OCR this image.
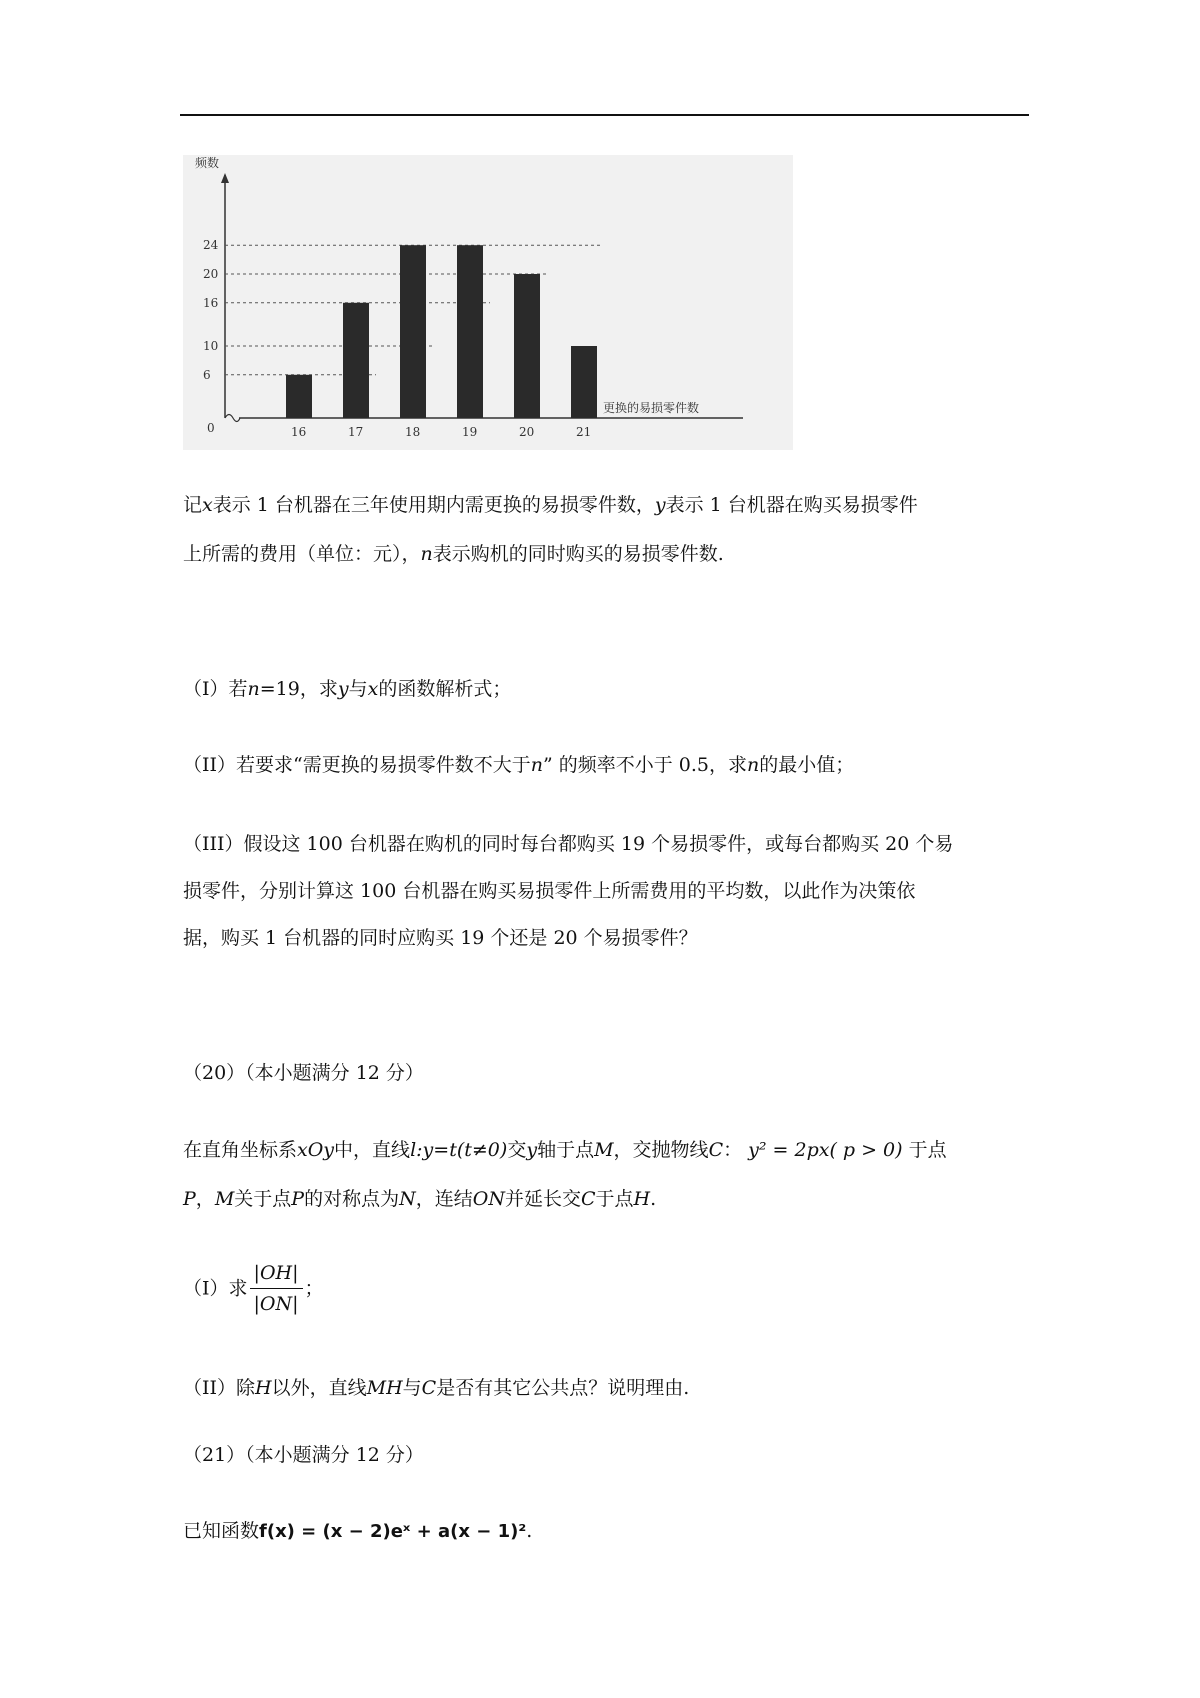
频数
0
6
10
16
20
24
16	17	18	19	20	21
更换的易损零件数
记x表示 1 台机器在三年使用期内需更换的易损零件数，y表示 1 台机器在购买易损零件
上所需的费用（单位：元），n表示购机的同时购买的易损零件数.
（I）若n=19，求y与x的函数解析式；
（II）若要求“需更换的易损零件数不大于n” 的频率不小于 0.5，求n的最小值；
（III）假设这 100 台机器在购机的同时每台都购买 19 个易损零件，或每台都购买 20 个易
损零件，分别计算这 100 台机器在购买易损零件上所需费用的平均数，以此作为决策依
据，购买 1 台机器的同时应购买 19 个还是 20 个易损零件？
（20）（本小题满分 12 分）
在直角坐标系xOy中，直线l:y=t(t≠0)交y轴于点M，交抛物线C： y² = 2px( p > 0) 于点
P，M关于点P的对称点为N，连结ON并延长交C于点H.
（I）求 $\frac{|OH|}{|ON|}$ ；
（II）除H以外，直线MH与C是否有其它公共点？说明理由.
（21）（本小题满分 12 分）
已知函数f(x) = (x − 2)eˣ + a(x − 1)².
